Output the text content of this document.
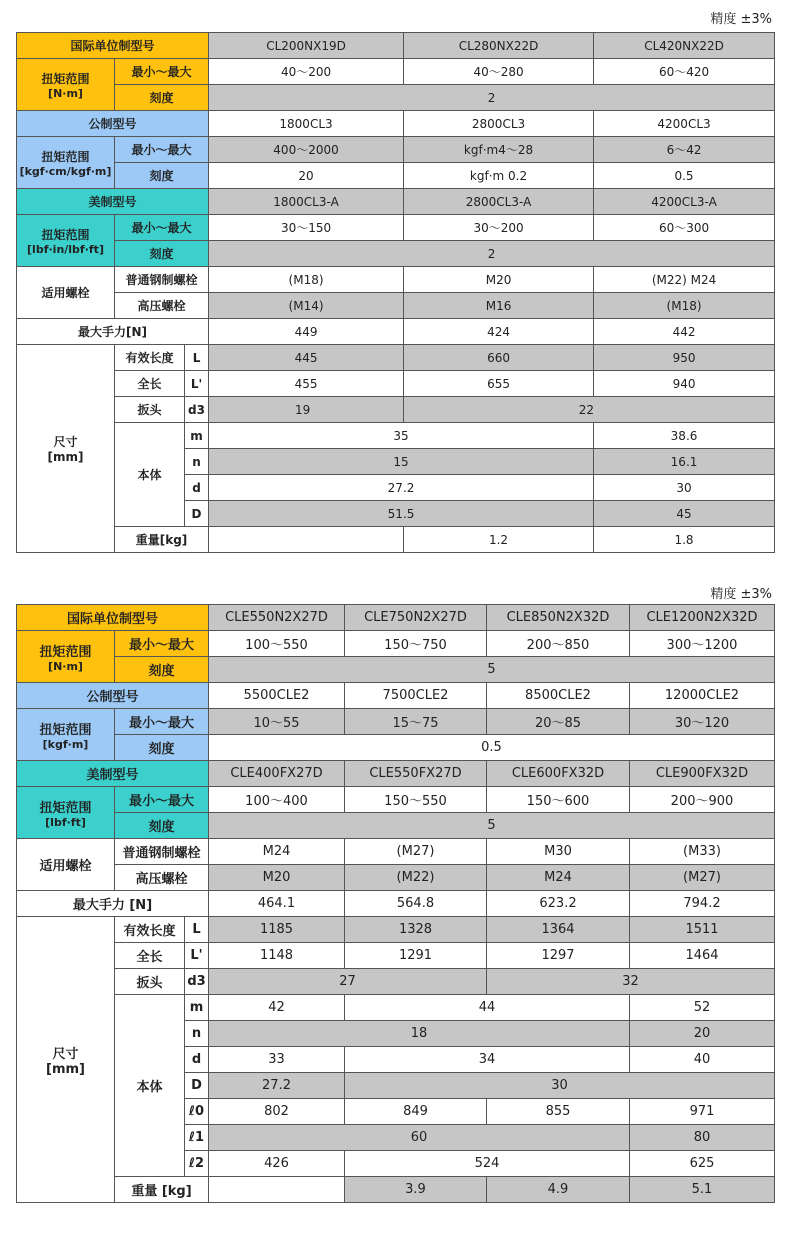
精度 ±3%
国际单位制型号			CL200NX19D	CL280NX22D	CL420NX22D	

扭矩范围
[N·m]	最小～最大		40～200	40～280	60～420	
	刻度		2			
公制型号			1800CL3	2800CL3	4200CL3	

扭矩范围
[kgf·cm/kgf·m]	最小～最大		400～2000	kgf·m4～28	6～42	
	刻度		20	kgf·m 0.2	0.5	
美制型号			1800CL3-A	2800CL3-A	4200CL3-A	

扭矩范围
[lbf·in/lbf·ft]	最小～最大		30～150	30～200	60～300	
	刻度		2			
适用螺栓	普通钢制螺栓		(M18)	M20	(M22) M24	
	高压螺栓		(M14)	M16	(M18)	
最大手力[N]			449	424	442	

尺寸
[mm]	有效长度	L	445	660	950	
	全长	L'	455	655	940	
	扳头	d3	19	22		
	本体	m	35		38.6	
		n	15		16.1	
		d	27.2		30	
		D	51.5		45	
	重量[kg]			1.2	1.8	
精度 ±3%
国际单位制型号			CLE550N2X27D	CLE750N2X27D	CLE850N2X32D	CLE1200N2X32D	

扭矩范围
[N·m]	最小～最大		100～550	150～750	200～850	300～1200	
	刻度		5				
公制型号			5500CLE2	7500CLE2	8500CLE2	12000CLE2	

扭矩范围
[kgf·m]	最小～最大		10～55	15～75	20～85	30～120	
	刻度		0.5				
美制型号			CLE400FX27D	CLE550FX27D	CLE600FX32D	CLE900FX32D	

扭矩范围
[lbf·ft]	最小～最大		100～400	150～550	150～600	200～900	
	刻度		5				
适用螺栓	普通钢制螺栓		M24	(M27)	M30	(M33)	
	高压螺栓		M20	(M22)	M24	(M27)	
最大手力 [N]			464.1	564.8	623.2	794.2	

尺寸
[mm]	有效长度	L	1185	1328	1364	1511	
	全长	L'	1148	1291	1297	1464	
	扳头	d3	27		32		
	本体	m	42	44		52	
		n	18			20	
		d	33	34		40	
		D	27.2	30			
		ℓ0	802	849	855	971	
		ℓ1	60			80	
		ℓ2	426	524		625	
	重量 [kg]			3.9	4.9	5.1	
